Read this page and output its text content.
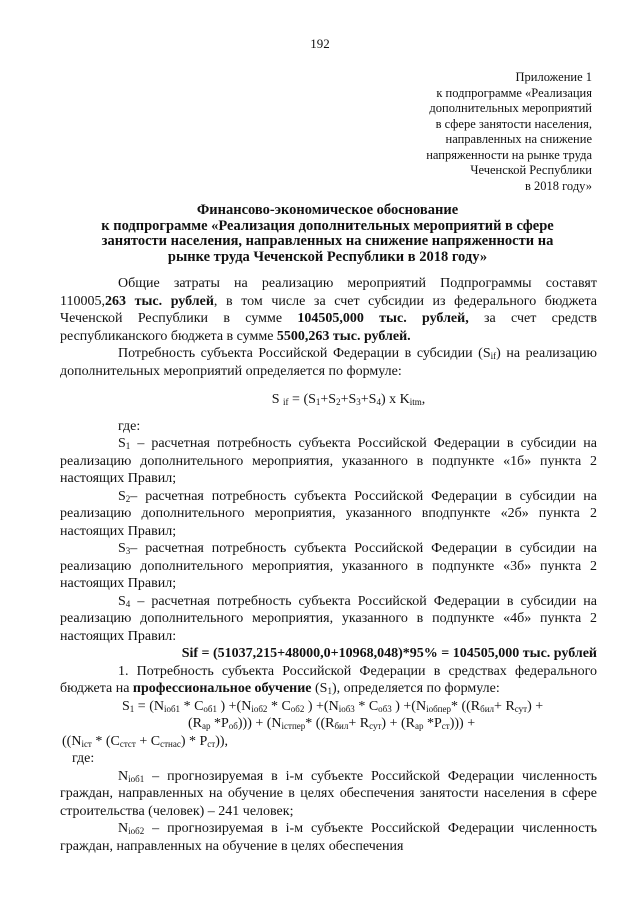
192
Приложение 1
к подпрограмме «Реализация
дополнительных мероприятий
в сфере занятости населения,
направленных на снижение
напряженности на рынке труда
Чеченской Республики
в 2018 году»
Финансово-экономическое обоснование
к подпрограмме «Реализация дополнительных мероприятий в сфере
занятости населения, направленных на снижение напряженности на
рынке труда Чеченской Республики в 2018 году»
Общие затраты на реализацию мероприятий Подпрограммы составят 110005,263 тыс. рублей, в том числе за счет субсидии из федерального бюджета Чеченской Республики в сумме 104505,000 тыс. рублей, за счет средств республиканского бюджета в сумме 5500,263 тыс. рублей.
Потребность субъекта Российской Федерации в субсидии $(S_{if})$ на реализацию дополнительных мероприятий определяется по формуле:
S $_{if} = (S_1+S_2+S_3+S_4)$ x $K_{itm}$,
где:
$S_1$ – расчетная потребность субъекта Российской Федерации в субсидии на реализацию дополнительного мероприятия, указанного в подпункте «1б» пункта 2 настоящих Правил;
$S_2-$ расчетная потребность субъекта Российской Федерации в субсидии на реализацию дополнительного мероприятия, указанного вподпункте «2б» пункта 2 настоящих Правил;
$S_3-$ расчетная потребность субъекта Российской Федерации в субсидии на реализацию дополнительного мероприятия, указанного в подпункте «3б» пункта 2 настоящих Правил;
$S_4$ – расчетная потребность субъекта Российской Федерации в субсидии на реализацию дополнительного мероприятия, указанного в подпункте «4б» пункта 2 настоящих Правил:
Sif = (51037,215+48000,0+10968,048)*95% = 104505,000 тыс. рублей
1. Потребность субъекта Российской Федерации в средствах федерального бюджета на профессиональное обучение $(S_1)$, определяется по формуле:
$S_1 = (N_{iоб1} * C_{об1}$ ) $+(N_{iоб2} * C_{об2}$ ) $+(N_{iоб3} * C_{об3}$ ) $+(N_{iобпер}*$ ($(R_{бил}+ R_{сут})$ +
($R_{ар}$ $*P_{об}))) + (N_{iстпер}*$ ($(R_{бил}+ R_{сут}) + (R_{ар}$ $*P_{ст}$))) +
$((N_{iст} * (C_{стст} + C_{стнас}) * P_{ст}))$,
где:
$N_{iоб1}$ – прогнозируемая в i-м субъекте Российской Федерации численность граждан, направленных на обучение в целях обеспечения занятости населения в сфере строительства (человек) – 241 человек;
$N_{iоб2}$ – прогнозируемая в i-м субъекте Российской Федерации численность граждан, направленных на обучение в целях обеспечения
